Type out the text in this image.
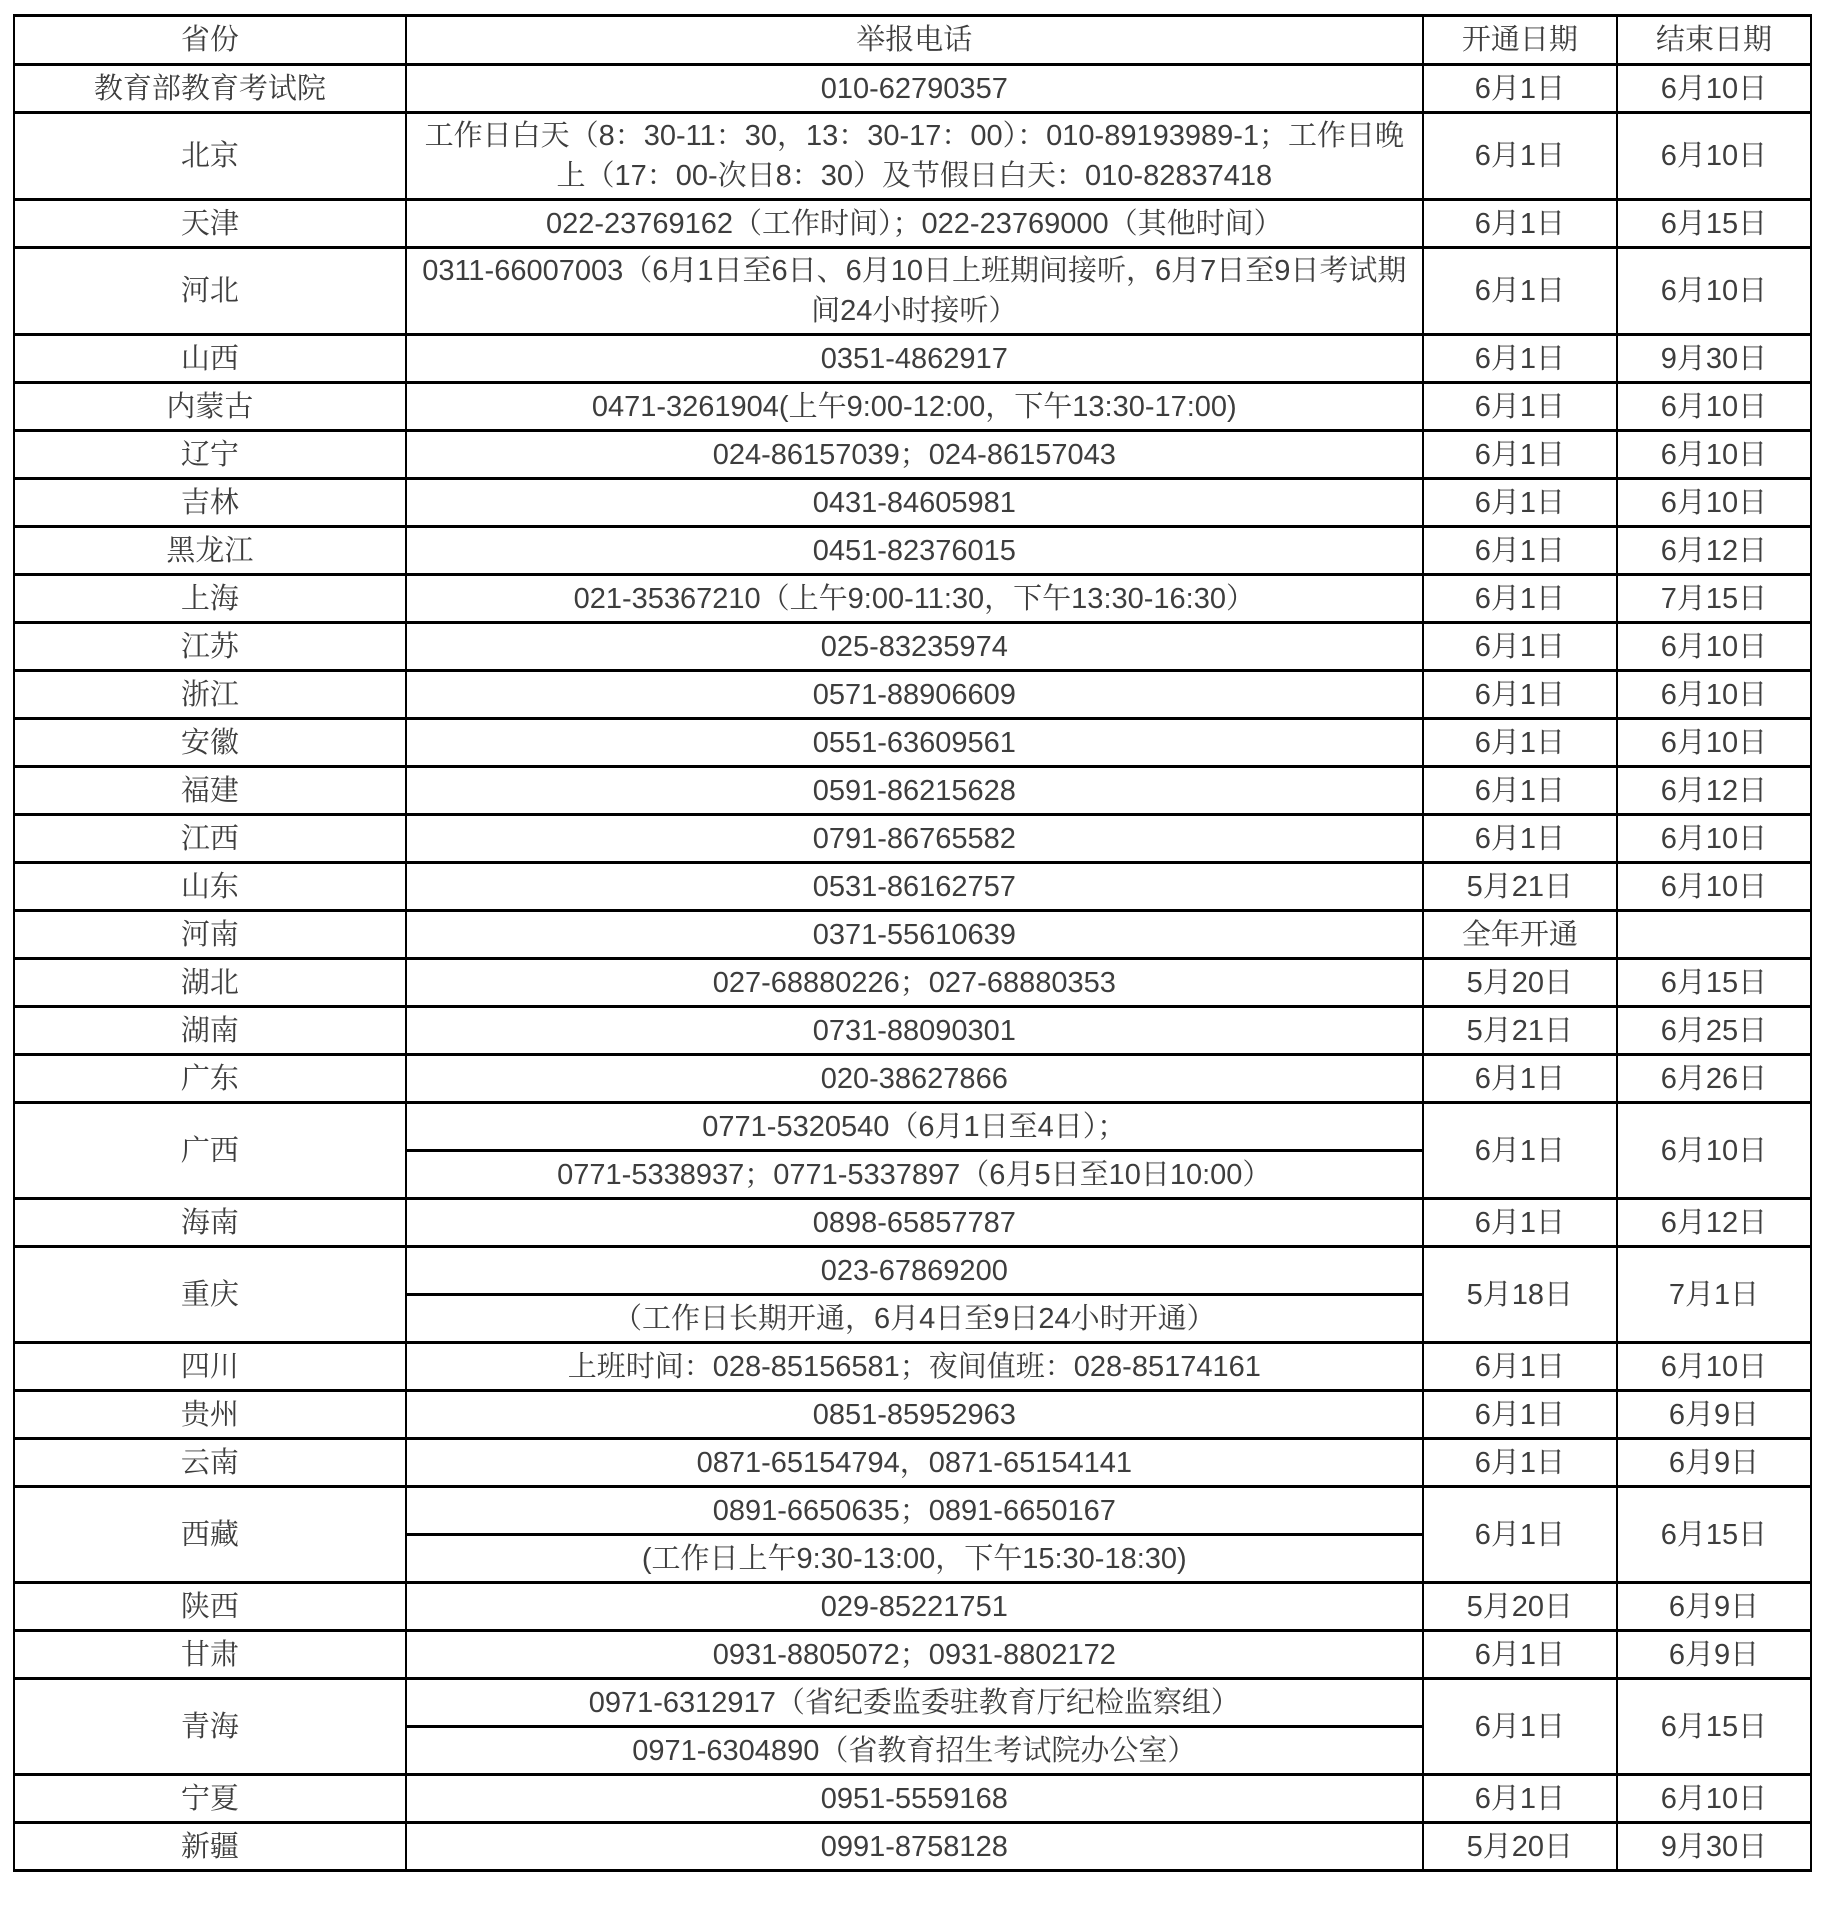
省份	举报电话	开通日期	结束日期
教育部教育考试院	010-62790357	6月1日	6月10日
北京	工作日白天（8：30-11：30，13：30-17：00）：010-89193989-1；工作日晚上（17：00-次日8：30）及节假日白天：010-82837418	6月1日	6月10日
天津	022-23769162（工作时间）；022-23769000（其他时间）	6月1日	6月15日
河北	0311-66007003（6月1日至6日、6月10日上班期间接听，6月7日至9日考试期间24小时接听）	6月1日	6月10日
山西	0351-4862917	6月1日	9月30日
内蒙古	0471-3261904(上午9:00-12:00，下午13:30-17:00)	6月1日	6月10日
辽宁	024-86157039；024-86157043	6月1日	6月10日
吉林	0431-84605981	6月1日	6月10日
黑龙江	0451-82376015	6月1日	6月12日
上海	021-35367210（上午9:00-11:30，下午13:30-16:30）	6月1日	7月15日
江苏	025-83235974	6月1日	6月10日
浙江	0571-88906609	6月1日	6月10日
安徽	0551-63609561	6月1日	6月10日
福建	0591-86215628	6月1日	6月12日
江西	0791-86765582	6月1日	6月10日
山东	0531-86162757	5月21日	6月10日
河南	0371-55610639	全年开通	
湖北	027-68880226；027-68880353	5月20日	6月15日
湖南	0731-88090301	5月21日	6月25日
广东	020-38627866	6月1日	6月26日
广西	0771-5320540（6月1日至4日）；	6月1日	6月10日
	0771-5338937；0771-5337897（6月5日至10日10:00）		
海南	0898-65857787	6月1日	6月12日
重庆	023-67869200	5月18日	7月1日
	（工作日长期开通，6月4日至9日24小时开通）		
四川	上班时间：028-85156581；夜间值班：028-85174161	6月1日	6月10日
贵州	0851-85952963	6月1日	6月9日
云南	0871-65154794，0871-65154141	6月1日	6月9日
西藏	0891-6650635；0891-6650167	6月1日	6月15日
	(工作日上午9:30-13:00，下午15:30-18:30)		
陕西	029-85221751	5月20日	6月9日
甘肃	0931-8805072；0931-8802172	6月1日	6月9日
青海	0971-6312917（省纪委监委驻教育厅纪检监察组）	6月1日	6月15日
	0971-6304890（省教育招生考试院办公室）		
宁夏	0951-5559168	6月1日	6月10日
新疆	0991-8758128	5月20日	9月30日
